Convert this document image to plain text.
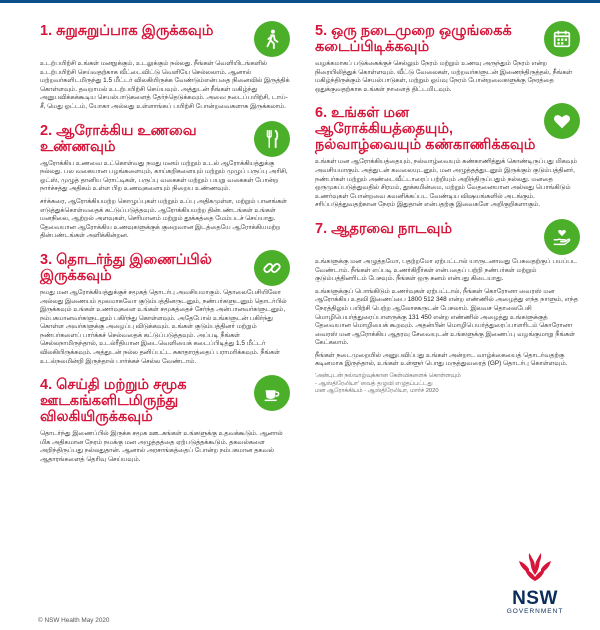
1. சுறுசுறுப்பாக இருக்கவும்
உடற்பயிற்சி உங்கள் மனநுக்கும், உடலுக்கும் நல்லது. நீங்கள் வெளியிடங்களில் உடற்பயிற்சி செய்வதற்காக வீட்டைவிட்டு வெளியே செல்லலாம். ஆனால் மற்றவர்களிடமிருந்து 1.5 மீட்டர் விலகியிருக்க வேண்டும்என்பதை நினைவில் இருத்திக் கொள்ளவும். தவறாமல் உடற்பயிற்சி செய்யவும். அத்துடன் நீங்கள் மகிழ்ந்து அனுபவிக்கக்கூடிய செயல்பாடுகளைத் தேர்ந்தெடுக்கவும். அவை நடைப்பயிற்சி, டாய்-சீ, மெது ஓட்டம், யோகா அல்லது உள்ளாங்கப் பயிற்சி போன்றவைகளாக இருக்கலாம்.
2. ஆரோக்கிய உணவை உண்ணவும்
ஆரோக்கிய உணவை உட்கொள்வது நமது மனம் மற்றும் உடல் ஆரோக்கியத்துக்கு நல்லது. பல வகையான பழங்களையும், காய்கறிகளையும் மற்றும் முழுப் பருப்பு அரிசி, ஓட்ஸ், முழுத் தானிய ரொட்டிகள், பருப்பு வகைகள் மற்றும் பயறு வகைகள் போன்ற நார்ச்சத்து அதிகம் உள்ள பிற உணவுகளையும் நிறைய உண்ணவும்.
சர்க்கரை, ஆரோக்கியமற்ற கொழுப்புகள் மற்றும் உப்பு அதிகமுள்ள, மற்றும் பானங்கள் எடுத்துக்கொள்வதைக் கட்டுப்படுத்தவும். ஆரோக்கியமற்ற தின்பண்டங்கள் உங்கள் மனநிலை, ஆற்றல் அளவுகள், செரிமானம் மற்றும் தூக்கத்தை மேம்படச் செய்யாது. தேவையான ஆரோக்கிய உணவுகளுக்குக் குறைவான இடத்தையே ஆரோக்கியமற்ற தின்பண்டங்கள் அளிக்கின்றன.
3. தொடர்ந்து இணைப்பில் இருக்கவும்
நமது மன ஆரோக்கியத்துக்குச் சமூகத் தொடர்பு அவசியமாகும். தொலைபேசியிலோ அல்லது இணையம் மூலமாகவோ குடும்பத்தினருடனும், நண்பர்களுடனும் தொடர்பில் இருக்கவும் உங்கள் உணர்வுகளை உங்கள் சமூகத்தைச் சேர்ந்த அன்பானவர்களுடனும், நம்பகமானவர்களுடனும் பகிர்ந்து கொள்ளவும். அதேபோல் உங்களுடன் பகிர்ந்து கொள்ள அவர்களுக்கு அழைப்பு விடுக்கவும். உங்கள் குடும்பத்தினர் மற்றும் நண்பர்களைப் பார்க்கச் செல்வதைக் கட்டுப்படுத்தவும். அப்படி நீங்கள் செல்லநாமிருந்தால், உடல்ரீதியான இடைவெளியைக் கடைப்பிடித்து 1.5 மீட்டர் விலகியிருக்கவும். அத்துடன் நல்ல தனிப்பட்ட சுகாதாரத்தைப் பராமரிக்கவும். நீங்கள் உடல்நலமின்றி இருந்தால் பார்க்கச் செல்ல வேண்டாம்.
4. செய்தி மற்றும் சமூக ஊடகங்களிடமிருந்து விலகியிருக்கவும்
தொடர்ந்து இணைப்பில் இருக்க சமூக ஊடகங்கள் உங்களுக்கு உதவக்கூடும். ஆனால் மிக அதிகமான நேரம் நமக்கு மன அழுத்தத்தை ஏற்படுத்தக்கூடும். தகவல்களை அறிந்திருப்பது நல்லதுதான். ஆனால் அரசாங்கத்தைப் போன்ற நம்பகமான தகவல் ஆதாரங்களைத் தெரிவு செய்யவும்.
5. ஒரு நடைமுறை ஒழுங்கைக் கடைப்பிடிக்கவும்
வழக்கமாகப் படுக்கைக்குச் செல்லும் நேரம் மற்றும் உணவு அருந்தும் நேரம் என்ற நிரையிலித்துக் கொள்ளவும். வீட்டு வேலைகள், மற்றவர்களுடன் இணைந்திருத்தல், நீங்கள் மகிழ்ந்திருக்கும் செயல்பாடுகள், மற்றும் ஓய்வு நேரம் போன்றவைகளுக்கு நேரத்தை ஒதுக்குவதற்காக உங்கள் நாளைத் திட்டமிடவும்.
6. உங்கள் மன ஆரோக்கியத்தையும், நல்வாழ்வையும் கண்காணிக்கவும்
உங்கள் மன ஆரோக்கியத்தையும், நல்வாழ்வையும் கண்காணித்துக் கொண்டிருப்பது மிகவும் அவசியமாகும். அத்துடன் கவலையுடனும், மன அழுத்தத்துடனும் இருக்கும் குடும்பத்தினர், நண்பர்கள் மற்றும் அண்டைவீட்டாரைப் பற்றியும் அறிந்திருப்பதும் நல்லது. மனதை ஒருமுகப்படுத்துவதில் சிரமம், தூக்கமின்மை, மற்றும் வேதனையான அல்லது பொங்கிடும் உணர்வுகள் போன்றவை கவனிக்கப்பட வேண்டிய விஷயங்களில் அடங்கும். சரிப்படுத்துவதற்கான நேரம் இதுதான் என்பதற்கு இவைகளே அறிகுறிகளாகும்.
7. ஆதரவை நாடவும்
உங்களுக்கு மன அழுத்தமோ, பதற்றமோ ஏற்பட்டால் யாருடனாவது பேசுவதற்குப் பயப்பட வேண்டாம். நீங்கள் எப்படி உணர்கிறீர்கள் என்பதைப் பற்றி நண்பர்கள் மற்றும் குடும்பத்தினரிடம் பேசவும். நீங்கள் ஒரு கனம் என்பது கிடையாது.
உங்களுக்குப் பொங்கிடும் உணர்வுகள் ஏற்பட்டால், நீங்கள் கொரோனா வைரஸ் மன ஆரோக்கிய உதவி இணைப்பை 1800 512 348 என்ற எண்ணில் அழைத்து எந்த நாளும், எந்த நேரத்திலும் பயிற்சி பெற்ற ஆலோசகருடன் பேசலாம். இலவச தொலைபேசி மொழிபெயர்த்துரைப்பாளருக்கு 131 450 என்ற எண்ணில் அழைத்து உங்களுக்குத் தேவையான மொழியைக் கூறவும். அதன்பின் மொழிபெயர்த்துரைப்பாளரிடம் கொரோனா வைரஸ் மன ஆரோக்கிய ஆதரவு சேவையுடன் உங்களுக்கு இணைப்பு வழங்குமாறு நீங்கள் கேட்கலாம்.
நீங்கள் நடைமுறையில் அனுபவிப்பது உங்கள் அன்றாட வாழ்க்கையைத் தொடர்வதற்கு கடினமாக இருந்தால், உங்கள் உள்ளூர் பொது மருத்துவரைத் (GP) தொடர்பு கொள்ளவும்.
'அன்புடன் நல்வாழ்வுக்கான கேள்விகளைக் கொள்ளவும்
- ஆஸ்திரேலியா' வைத் தழுவி எழுதப்பட்டது
மன ஆரோக்கியம் - ஆஸ்திரேலியா, மார்ச் 2020
© NSW Health May 2020
NSW
GOVERNMENT
